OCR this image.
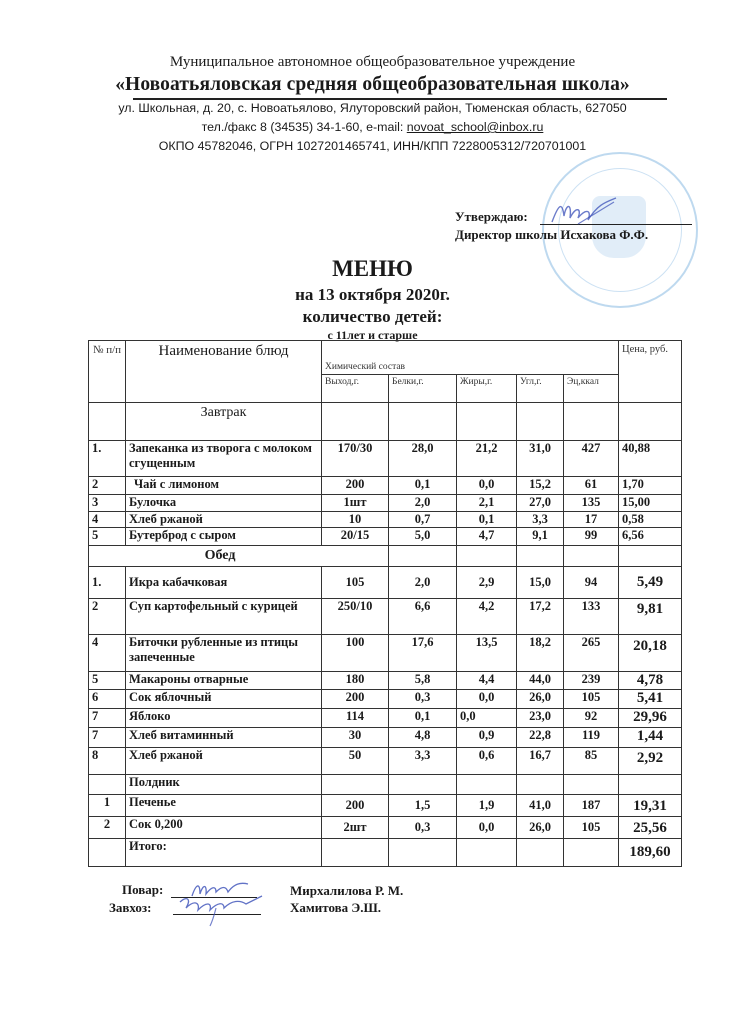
Муниципальное автономное общеобразовательное учреждение
«Новоатьяловская средняя общеобразовательная школа»
ул. Школьная, д. 20, с. Новоатьялово, Ялуторовский район, Тюменская область, 627050
тел./факс 8 (34535) 34-1-60, e-mail: novoat_school@inbox.ru
ОКПО 45782046, ОГРН 1027201465741, ИНН/КПП 7228005312/720701001
Утверждаю:
Директор школы Исхакова Ф.Ф.
МЕНЮ
на 13 октября 2020г.
количество детей:
с 11лет и старше
№ п/п	Наименование блюд	Химический состав					Цена, руб.
		Выход,г.	Белки,г.	Жиры,г.	Угл,г.	Эц,ккал	
	Завтрак						
1.	Запеканка из творога с молоком сгущенным	170/30	28,0	21,2	31,0	427	40,88
2	Чай с лимоном	200	0,1	0,0	15,2	61	1,70
3	Булочка	1шт	2,0	2,1	27,0	135	15,00
4	Хлеб ржаной	10	0,7	0,1	3,3	17	0,58
5	Бутерброд с сыром	20/15	5,0	4,7	9,1	99	6,56
Обед							
1.	Икра кабачковая	105	2,0	2,9	15,0	94	5,49
2	Суп картофельный с курицей	250/10	6,6	4,2	17,2	133	9,81
4	Биточки рубленные из птицы запеченные	100	17,6	13,5	18,2	265	20,18
5	Макароны отварные	180	5,8	4,4	44,0	239	4,78
6	Сок яблочный	200	0,3	0,0	26,0	105	5,41
7	Яблоко	114	0,1	0,0	23,0	92	29,96
7	Хлеб витаминный	30	4,8	0,9	22,8	119	1,44
8	Хлеб ржаной	50	3,3	0,6	16,7	85	2,92
	Полдник						
1	Печенье	200	1,5	1,9	41,0	187	19,31
2	Сок 0,200	2шт	0,3	0,0	26,0	105	25,56
	Итого:						189,60
Повар:
Завхоз:
Мирхалилова Р. М.
Хамитова Э.Ш.
